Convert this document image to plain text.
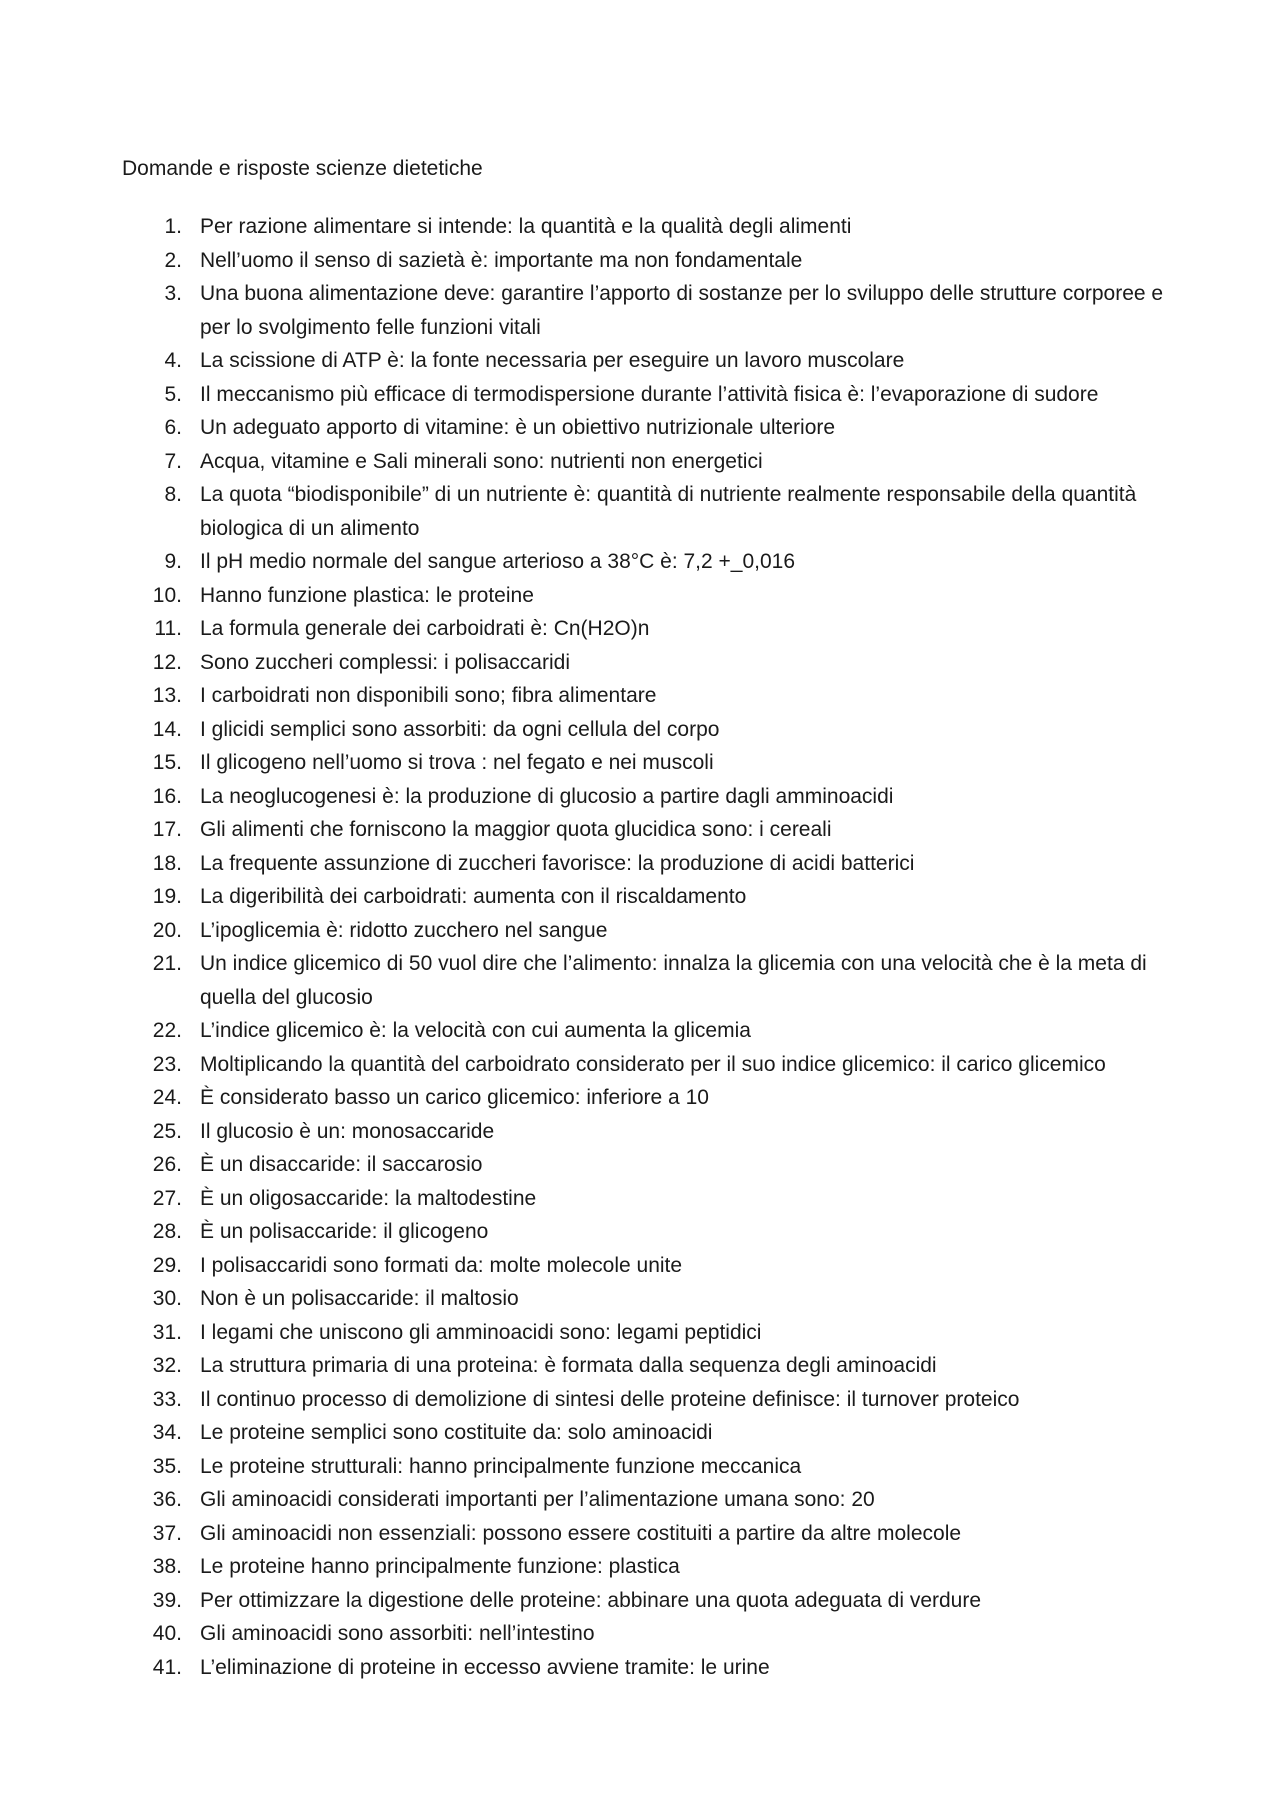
Domande e risposte scienze dietetiche
1. Per razione alimentare si intende: la quantità e la qualità degli alimenti
2. Nell’uomo il senso di sazietà è: importante ma non fondamentale
3. Una buona alimentazione deve: garantire l’apporto di sostanze per lo sviluppo delle strutture corporee e per lo svolgimento felle funzioni vitali
4. La scissione di ATP è: la fonte necessaria per eseguire un lavoro muscolare
5. Il meccanismo più efficace di termodispersione durante l’attività fisica è: l’evaporazione di sudore
6. Un adeguato apporto di vitamine: è un obiettivo nutrizionale ulteriore
7. Acqua, vitamine e Sali minerali sono: nutrienti non energetici
8. La quota “biodisponibile” di un nutriente è: quantità di nutriente realmente responsabile della quantità biologica di un alimento
9. Il pH medio normale del sangue arterioso a 38°C è: 7,2 +_0,016
10. Hanno funzione plastica: le proteine
11. La formula generale dei carboidrati è: Cn(H2O)n
12. Sono zuccheri complessi: i polisaccaridi
13. I carboidrati non disponibili sono; fibra alimentare
14. I glicidi semplici sono assorbiti: da ogni cellula del corpo
15. Il glicogeno nell’uomo si trova : nel fegato e nei muscoli
16. La neoglucogenesi è: la produzione di glucosio a partire dagli amminoacidi
17. Gli alimenti che forniscono la maggior quota glucidica sono: i cereali
18. La frequente assunzione di zuccheri favorisce: la produzione di acidi batterici
19. La digeribilità dei carboidrati: aumenta con il riscaldamento
20. L’ipoglicemia è: ridotto zucchero nel sangue
21. Un indice glicemico di 50 vuol dire che l’alimento: innalza la glicemia con una velocità che è la meta di quella del glucosio
22. L’indice glicemico è: la velocità con cui aumenta la glicemia
23. Moltiplicando la quantità del carboidrato considerato per il suo indice glicemico: il carico glicemico
24. È considerato basso un carico glicemico: inferiore a 10
25. Il glucosio è un: monosaccaride
26. È un disaccaride: il saccarosio
27. È un oligosaccaride: la maltodestine
28. È un polisaccaride: il glicogeno
29. I polisaccaridi sono formati da: molte molecole unite
30. Non è un polisaccaride: il maltosio
31. I legami che uniscono gli amminoacidi sono: legami peptidici
32. La struttura primaria di una proteina: è formata dalla sequenza degli aminoacidi
33. Il continuo processo di demolizione di sintesi delle proteine definisce: il turnover proteico
34. Le proteine semplici sono costituite da: solo aminoacidi
35. Le proteine strutturali: hanno principalmente funzione meccanica
36. Gli aminoacidi considerati importanti per l’alimentazione umana sono: 20
37. Gli aminoacidi non essenziali: possono essere costituiti a partire da altre molecole
38. Le proteine hanno principalmente funzione: plastica
39. Per ottimizzare la digestione delle proteine: abbinare una quota adeguata di verdure
40. Gli aminoacidi sono assorbiti: nell’intestino
41. L’eliminazione di proteine in eccesso avviene tramite: le urine
